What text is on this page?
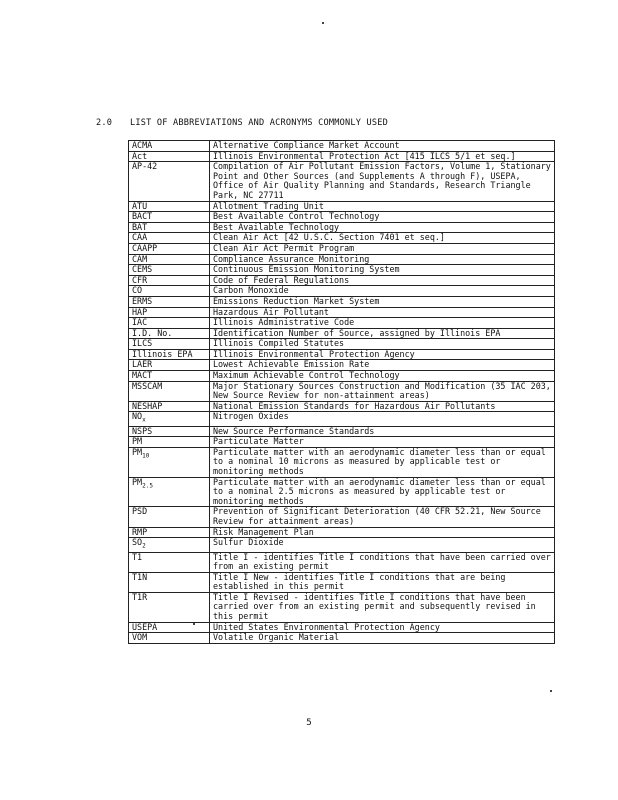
2.0 LIST OF ABBREVIATIONS AND ACRONYMS COMMONLY USED
ACMA	Alternative Compliance Market Account
Act	Illinois Environmental Protection Act [415 ILCS 5/1 et seq.]
AP-42	Compilation of Air Pollutant Emission Factors, Volume 1, Stationary Point and Other Sources (and Supplements A through F), USEPA, Office of Air Quality Planning and Standards, Research Triangle Park, NC 27711
ATU	Allotment Trading Unit
BACT	Best Available Control Technology
BAT	Best Available Technology
CAA	Clean Air Act [42 U.S.C. Section 7401 et seq.]
CAAPP	Clean Air Act Permit Program
CAM	Compliance Assurance Monitoring
CEMS	Continuous Emission Monitoring System
CFR	Code of Federal Regulations
CO	Carbon Monoxide
ERMS	Emissions Reduction Market System
HAP	Hazardous Air Pollutant
IAC	Illinois Administrative Code
I.D. No.	Identification Number of Source, assigned by Illinois EPA
ILCS	Illinois Compiled Statutes
Illinois EPA	Illinois Environmental Protection Agency
LAER	Lowest Achievable Emission Rate
MACT	Maximum Achievable Control Technology
MSSCAM	Major Stationary Sources Construction and Modification (35 IAC 203, New Source Review for non-attainment areas)
NESHAP	National Emission Standards for Hazardous Air Pollutants
$NO_x$	Nitrogen Oxides
NSPS	New Source Performance Standards
PM	Particulate Matter
$PM_{10}$	Particulate matter with an aerodynamic diameter less than or equal to a nominal 10 microns as measured by applicable test or monitoring methods
$PM_{2.5}$	Particulate matter with an aerodynamic diameter less than or equal to a nominal 2.5 microns as measured by applicable test or monitoring methods
PSD	Prevention of Significant Deterioration (40 CFR 52.21, New Source Review for attainment areas)
RMP	Risk Management Plan
$SO_2$	Sulfur Dioxide
T1	Title I - identifies Title I conditions that have been carried over from an existing permit
T1N	Title I New - identifies Title I conditions that are being established in this permit
T1R	Title I Revised - identifies Title I conditions that have been carried over from an existing permit and subsequently revised in this permit
USEPA	United States Environmental Protection Agency
VOM	Volatile Organic Material
5
